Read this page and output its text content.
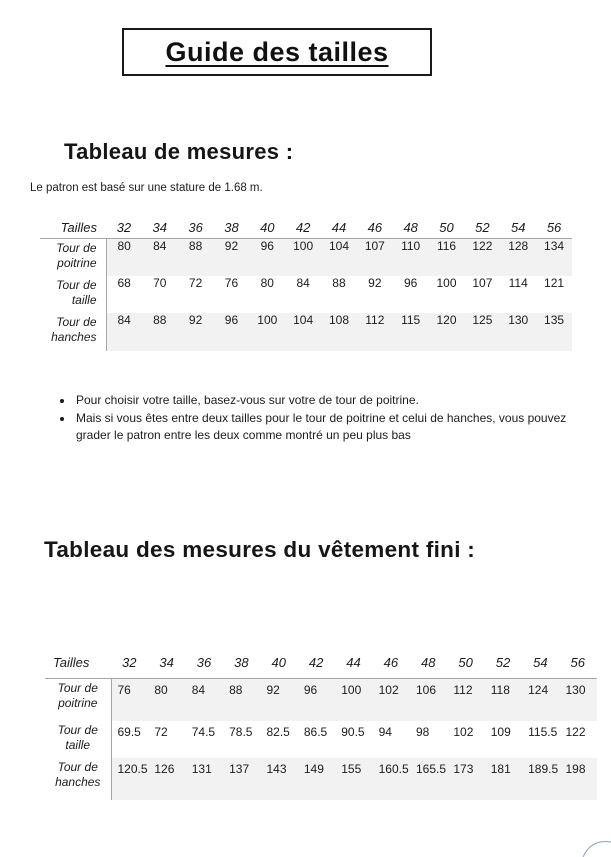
Guide des tailles
Tableau de mesures :
Le patron est basé sur une stature de 1.68 m.
Tailles	32	34	36	38	40	42	44	46	48	50	52	54	56
Tour de
poitrine	80	84	88	92	96	100	104	107	110	116	122	128	134
Tour de
taille	68	70	72	76	80	84	88	92	96	100	107	114	121
Tour de
hanches	84	88	92	96	100	104	108	112	115	120	125	130	135
• Pour choisir votre taille, basez-vous sur votre de tour de poitrine.
• Mais si vous êtes entre deux tailles pour le tour de poitrine et celui de hanches, vous pouvez grader le patron entre les deux comme montré un peu plus bas
Tableau des mesures du vêtement fini :
Tailles	32	34	36	38	40	42	44	46	48	50	52	54	56
Tour de
poitrine	76	80	84	88	92	96	100	102	106	112	118	124	130
Tour de
taille	69.5	72	74.5	78.5	82.5	86.5	90.5	94	98	102	109	115.5	122
Tour de
hanches	120.5	126	131	137	143	149	155	160.5	165.5	173	181	189.5	198
